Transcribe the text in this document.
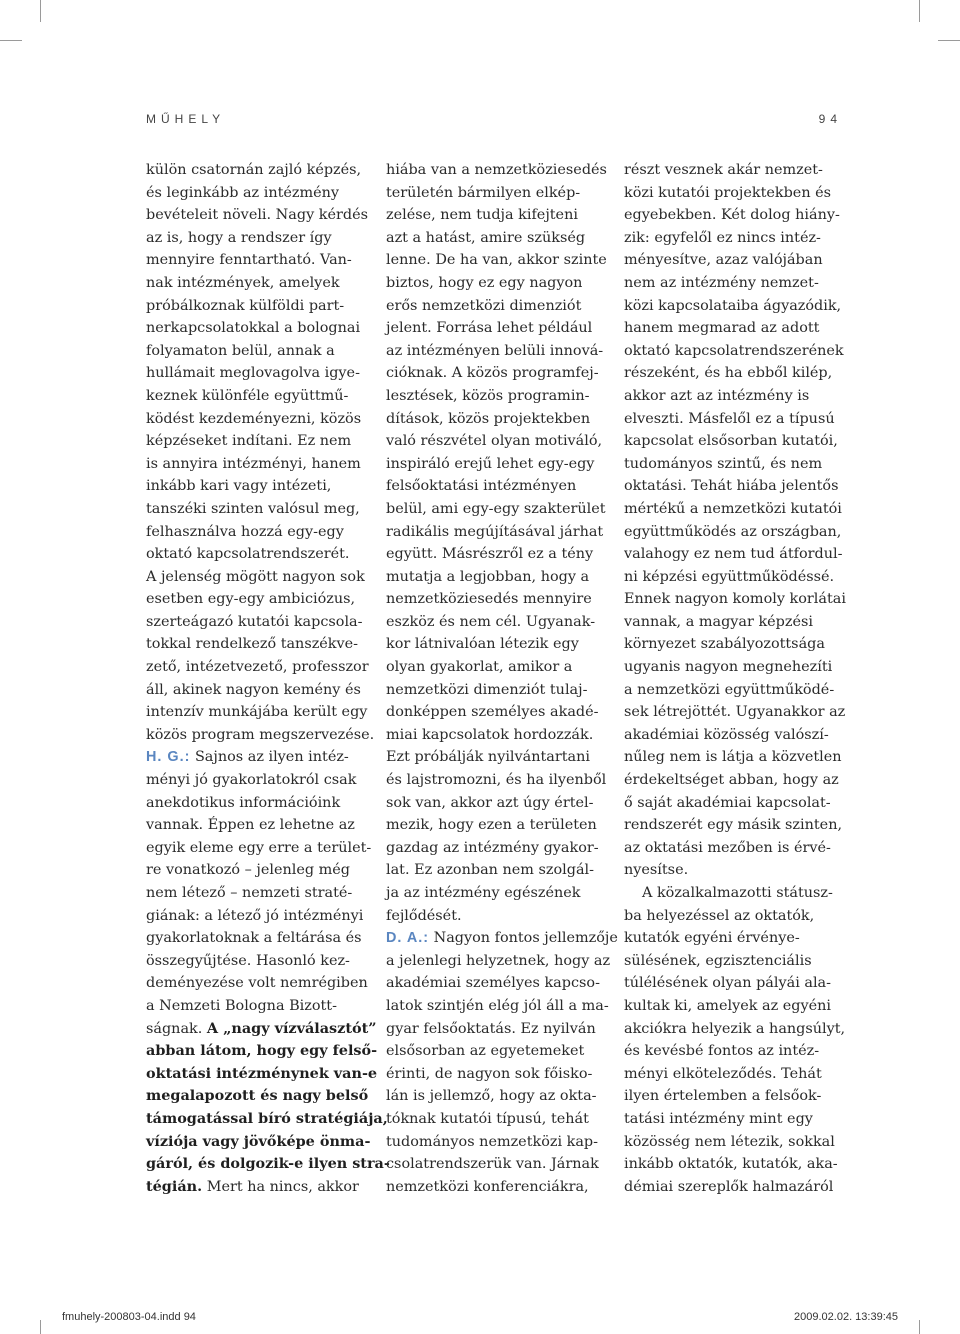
MŰHELY	94
külön csatornán zajló képzés,
és leginkább az intézmény
bevételeit növeli. Nagy kérdés
az is, hogy a rendszer így
mennyire fenntartható. Van-
nak intézmények, amelyek
próbálkoznak külföldi part-
nerkapcsolatokkal a bolognai
folyamaton belül, annak a
hullámait meglovagolva igye-
keznek különféle együttmű-
ködést kezdeményezni, közös
képzéseket indítani. Ez nem
is annyira intézményi, hanem
inkább kari vagy intézeti,
tanszéki szinten valósul meg,
felhasználva hozzá egy-egy
oktató kapcsolatrendszerét.
A jelenség mögött nagyon sok
esetben egy-egy ambiciózus,
szerteágazó kutatói kapcsola-
tokkal rendelkező tanszékve-
zető, intézetvezető, professzor
áll, akinek nagyon kemény és
intenzív munkájába került egy
közös program megszervezése.
H. G.: Sajnos az ilyen intéz-
ményi jó gyakorlatokról csak
anekdotikus információink
vannak. Éppen ez lehetne az
egyik eleme egy erre a terület-
re vonatkozó – jelenleg még
nem létező – nemzeti straté-
giának: a létező jó intézményi
gyakorlatoknak a feltárása és
összegyűjtése. Hasonló kez-
deményezése volt nemrégiben
a Nemzeti Bologna Bizott-
ságnak. A „nagy vízválasztót”
abban látom, hogy egy felső-
oktatási intézménynek van-e
megalapozott és nagy belső
támogatással bíró stratégiája,
víziója vagy jövőképe önma-
gáról, és dolgozik-e ilyen stra-
tégián. Mert ha nincs, akkor
hiába van a nemzetköziesedés
területén bármilyen elkép-
zelése, nem tudja kifejteni
azt a hatást, amire szükség
lenne. De ha van, akkor szinte
biztos, hogy ez egy nagyon
erős nemzetközi dimenziót
jelent. Forrása lehet például
az intézményen belüli innová-
cióknak. A közös programfej-
lesztések, közös programin-
dítások, közös projektekben
való részvétel olyan motiváló,
inspiráló erejű lehet egy-egy
felsőoktatási intézményen
belül, ami egy-egy szakterület
radikális megújításával járhat
együtt. Másrészről ez a tény
mutatja a legjobban, hogy a
nemzetköziesedés mennyire
eszköz és nem cél. Ugyanak-
kor látnivalóan létezik egy
olyan gyakorlat, amikor a
nemzetközi dimenziót tulaj-
donképpen személyes akadé-
miai kapcsolatok hordozzák.
Ezt próbálják nyilvántartani
és lajstromozni, és ha ilyenből
sok van, akkor azt úgy értel-
mezik, hogy ezen a területen
gazdag az intézmény gyakor-
lat. Ez azonban nem szolgál-
ja az intézmény egészének
fejlődését.
D. A.: Nagyon fontos jellemzője
a jelenlegi helyzetnek, hogy az
akadémiai személyes kapcso-
latok szintjén elég jól áll a ma-
gyar felsőoktatás. Ez nyilván
elsősorban az egyetemeket
érinti, de nagyon sok főisko-
lán is jellemző, hogy az okta-
tóknak kutatói típusú, tehát
tudományos nemzetközi kap-
csolatrendszerük van. Járnak
nemzetközi konferenciákra,
részt vesznek akár nemzet-
közi kutatói projektekben és
egyebekben. Két dolog hiány-
zik: egyfelől ez nincs intéz-
ményesítve, azaz valójában
nem az intézmény nemzet-
közi kapcsolataiba ágyazódik,
hanem megmarad az adott
oktató kapcsolatrendszerének
részeként, és ha ebből kilép,
akkor azt az intézmény is
elveszti. Másfelől ez a típusú
kapcsolat elsősorban kutatói,
tudományos szintű, és nem
oktatási. Tehát hiába jelentős
mértékű a nemzetközi kutatói
együttműködés az országban,
valahogy ez nem tud átfordul-
ni képzési együttműködéssé.
Ennek nagyon komoly korlátai
vannak, a magyar képzési
környezet szabályozottsága
ugyanis nagyon megnehezíti
a nemzetközi együttműködé-
sek létrejöttét. Ugyanakkor az
akadémiai közösség valószí-
nűleg nem is látja a közvetlen
érdekeltséget abban, hogy az
ő saját akadémiai kapcsolat-
rendszerét egy másik szinten,
az oktatási mezőben is érvé-
nyesítse.
A közalkalmazotti státusz-
ba helyezéssel az oktatók,
kutatók egyéni érvénye-
sülésének, egzisztenciális
túlélésének olyan pályái ala-
kultak ki, amelyek az egyéni
akciókra helyezik a hangsúlyt,
és kevésbé fontos az intéz-
ményi elköteleződés. Tehát
ilyen értelemben a felsőok-
tatási intézmény mint egy
közösség nem létezik, sokkal
inkább oktatók, kutatók, aka-
démiai szereplők halmazáról
fmuhely-200803-04.indd 94	2009.02.02. 13:39:45
